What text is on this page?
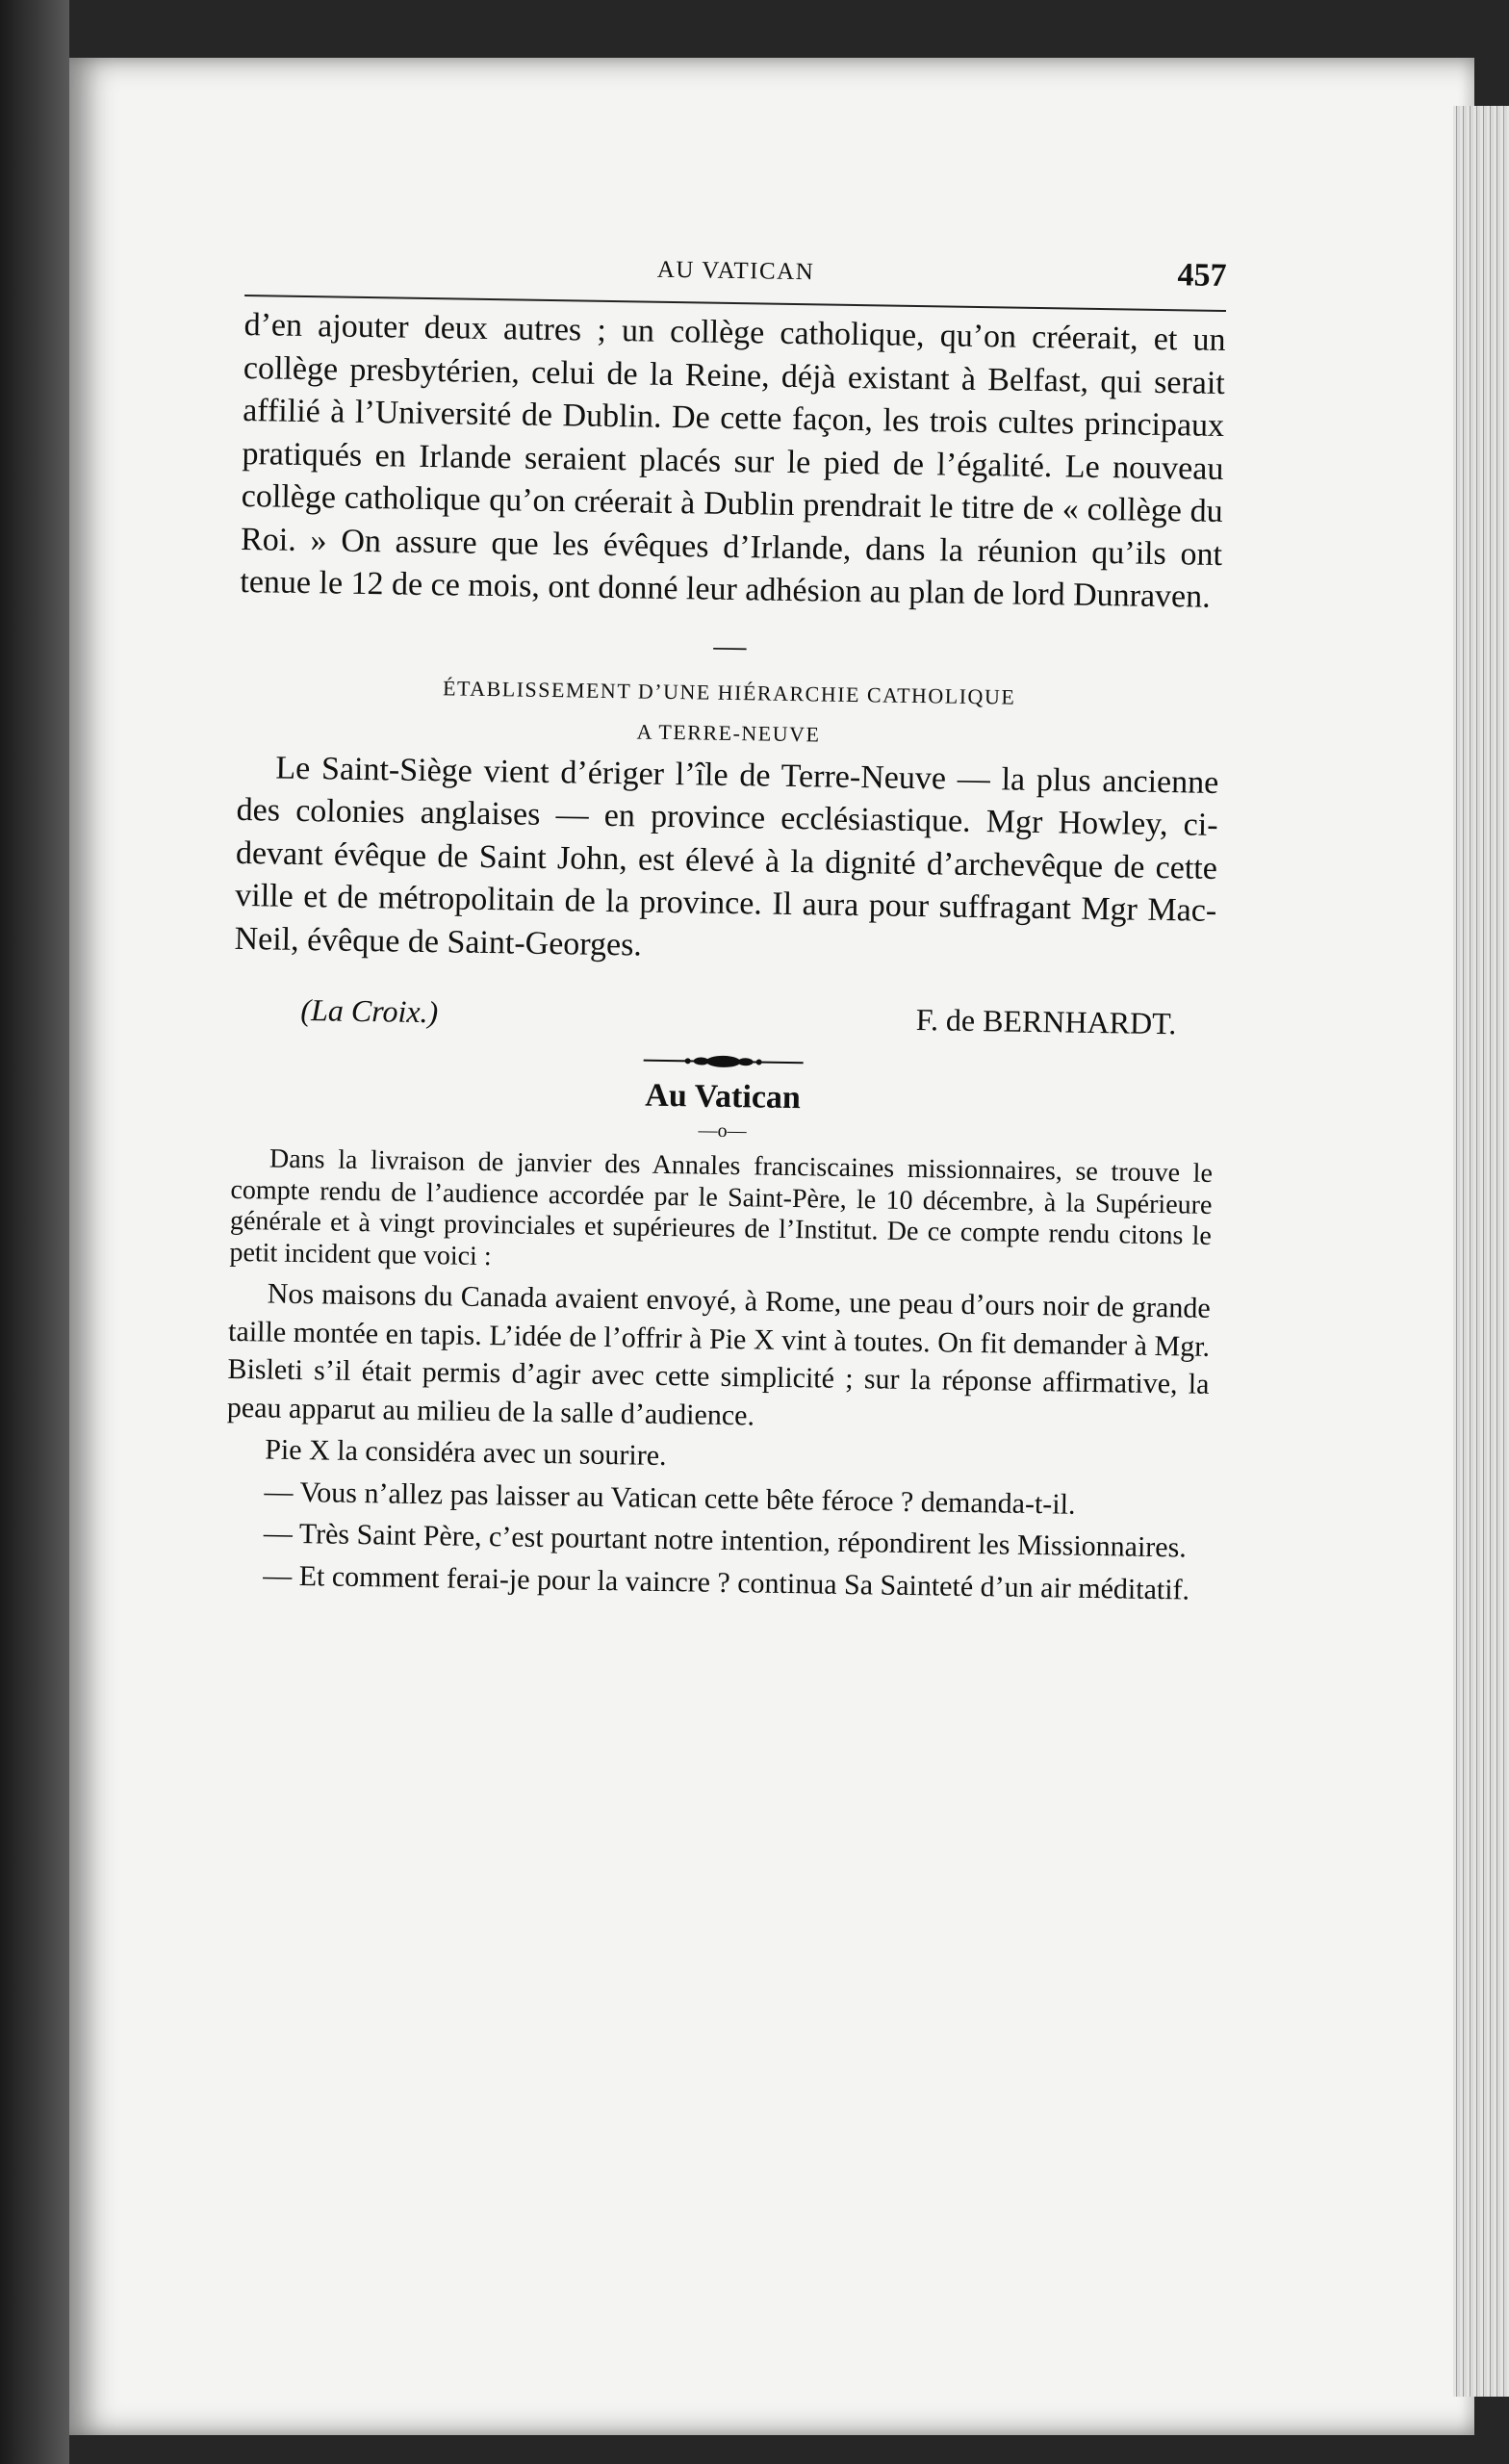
AU VATICAN	457

d’en ajouter deux autres ; un collège catholique, qu’on créerait, et un collège presbytérien, celui de la Reine, déjà existant à Belfast, qui serait affilié à l’Université de Dublin. De cette façon, les trois cultes principaux pratiqués en Irlande seraient placés sur le pied de l’égalité. Le nouveau collège catholique qu’on créerait à Dublin prendrait le titre de « collège du Roi. » On assure que les évêques d’Irlande, dans la réunion qu’ils ont tenue le 12 de ce mois, ont donné leur adhésion au plan de lord Dunraven.

—
ÉTABLISSEMENT D’UNE HIÉRARCHIE CATHOLIQUE
A TERRE-NEUVE

Le Saint-Siège vient d’ériger l’île de Terre-Neuve — la plus ancienne des colonies anglaises — en province ecclésiastique. Mgr Howley, ci-devant évêque de Saint John, est élevé à la dignité d’archevêque de cette ville et de métropolitain de la province. Il aura pour suffragant Mgr Mac-Neil, évêque de Saint-Georges.

(La Croix.)	F. de BERNHARDT.
Au Vatican
—o—

Dans la livraison de janvier des Annales franciscaines missionnaires, se trouve le compte rendu de l’audience accordée par le Saint-Père, le 10 décembre, à la Supérieure générale et à vingt provinciales et supérieures de l’Institut. De ce compte rendu citons le petit incident que voici :

Nos maisons du Canada avaient envoyé, à Rome, une peau d’ours noir de grande taille montée en tapis. L’idée de l’offrir à Pie X vint à toutes. On fit demander à Mgr. Bisleti s’il était permis d’agir avec cette simplicité ; sur la réponse affirmative, la peau apparut au milieu de la salle d’audience.

Pie X la considéra avec un sourire.

— Vous n’allez pas laisser au Vatican cette bête féroce ? demanda-t-il.

— Très Saint Père, c’est pourtant notre intention, répondirent les Missionnaires.

— Et comment ferai-je pour la vaincre ? continua Sa Sainteté d’un air méditatif.
